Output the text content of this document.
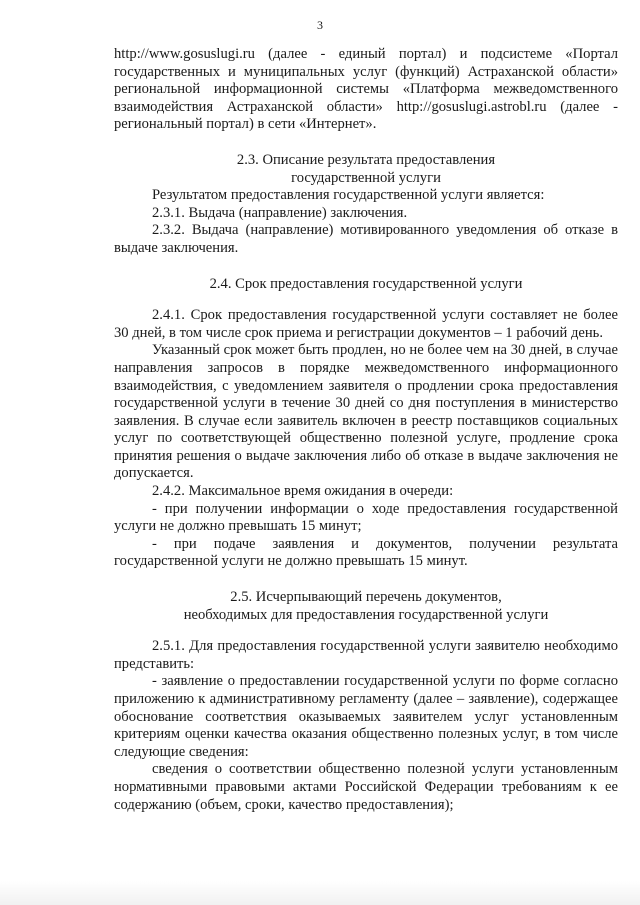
3

http://www.gosuslugi.ru (далее - единый портал) и подсистеме «Портал государственных и муниципальных услуг (функций) Астраханской области» региональной информационной системы «Платформа межведомственного взаимодействия Астраханской области» http://gosuslugi.astrobl.ru (далее - региональный портал) в сети «Интернет».

2.3. Описание результата предоставления

государственной услуги

Результатом предоставления государственной услуги является:

2.3.1. Выдача (направление) заключения.

2.3.2. Выдача (направление) мотивированного уведомления об отказе в выдаче заключения.

2.4. Срок предоставления государственной услуги

2.4.1. Срок предоставления государственной услуги составляет не более 30 дней, в том числе срок приема и регистрации документов – 1 рабочий день.

Указанный срок может быть продлен, но не более чем на 30 дней, в случае направления запросов в порядке межведомственного информационного взаимодействия, с уведомлением заявителя о продлении срока предоставления государственной услуги в течение 30 дней со дня поступления в министерство заявления. В случае если заявитель включен в реестр поставщиков социальных услуг по соответствующей общественно полезной услуге, продление срока принятия решения о выдаче заключения либо об отказе в выдаче заключения не допускается.

2.4.2. Максимальное время ожидания в очереди:

- при получении информации о ходе предоставления государственной услуги не должно превышать 15 минут;

- при подаче заявления и документов, получении результата государственной услуги не должно превышать 15 минут.

2.5. Исчерпывающий перечень документов,

необходимых для предоставления государственной услуги

2.5.1. Для предоставления государственной услуги заявителю необходимо представить:

- заявление о предоставлении государственной услуги по форме согласно приложению к административному регламенту (далее – заявление), содержащее обоснование соответствия оказываемых заявителем услуг установленным критериям оценки качества оказания общественно полезных услуг, в том числе следующие сведения:

сведения о соответствии общественно полезной услуги установленным нормативными правовыми актами Российской Федерации требованиям к ее содержанию (объем, сроки, качество предоставления);
